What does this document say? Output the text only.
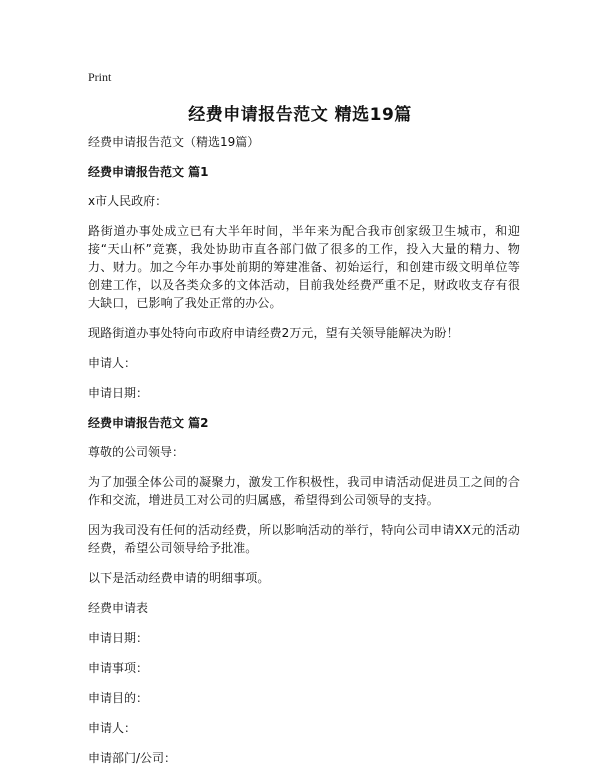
Print
经费申请报告范文 精选19篇

经费申请报告范文（精选19篇）

经费申请报告范文 篇1

x市人民政府：

路街道办事处成立已有大半年时间，半年来为配合我市创家级卫生城市，和迎接“天山杯”竞赛，我处协助市直各部门做了很多的工作，投入大量的精力、物力、财力。加之今年办事处前期的筹建准备、初始运行，和创建市级文明单位等创建工作，以及各类众多的文体活动，目前我处经费严重不足，财政收支存有很大缺口，已影响了我处正常的办公。

现路街道办事处特向市政府申请经费2万元，望有关领导能解决为盼！

申请人：

申请日期：

经费申请报告范文 篇2

尊敬的公司领导：

为了加强全体公司的凝聚力，激发工作积极性，我司申请活动促进员工之间的合作和交流，增进员工对公司的归属感，希望得到公司领导的支持。

因为我司没有任何的活动经费，所以影响活动的举行，特向公司申请XX元的活动经费，希望公司领导给予批准。

以下是活动经费申请的明细事项。

经费申请表

申请日期：

申请事项：

申请目的：

申请人：

申请部门/公司：
